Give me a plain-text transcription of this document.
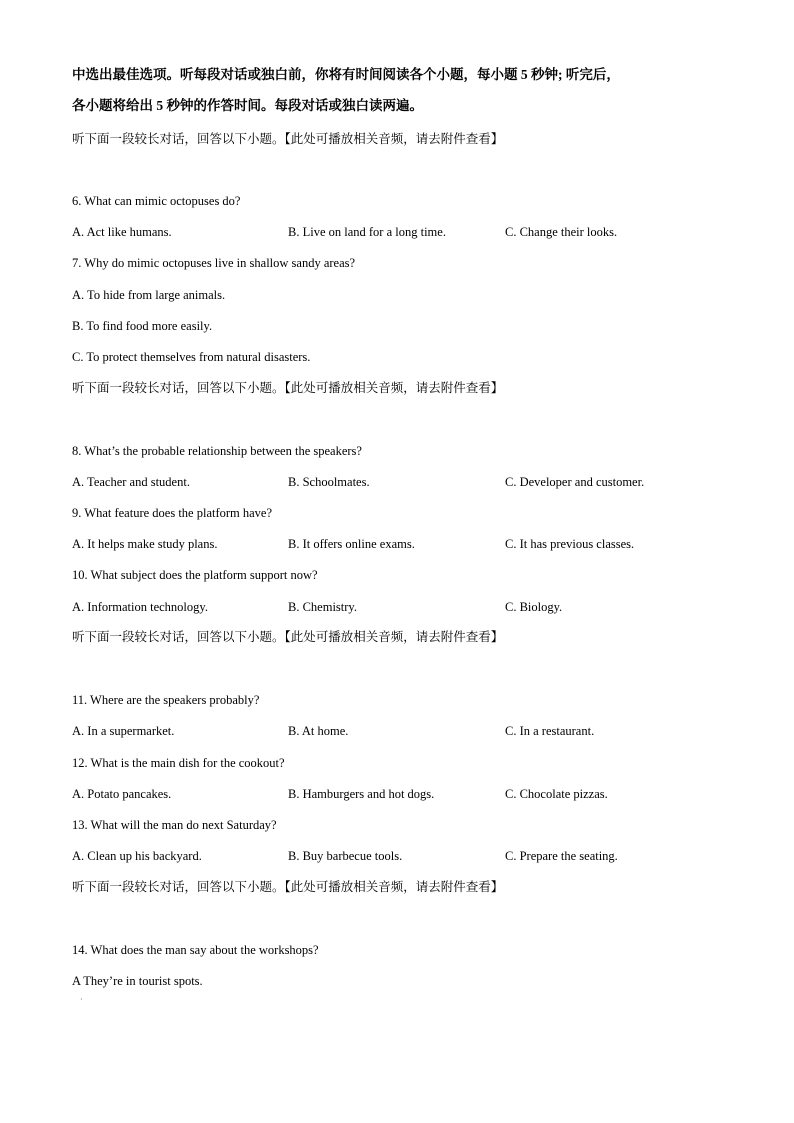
中选出最佳选项。听每段对话或独白前，你将有时间阅读各个小题，每小题 5 秒钟; 听完后，
各小题将给出 5 秒钟的作答时间。每段对话或独白读两遍。
听下面一段较长对话，回答以下小题。【此处可播放相关音频，请去附件查看】
6. What can mimic octopuses do?
A. Act like humans.	B. Live on land for a long time.	C. Change their looks.
7. Why do mimic octopuses live in shallow sandy areas?
A. To hide from large animals.
B. To find food more easily.
C. To protect themselves from natural disasters.
听下面一段较长对话，回答以下小题。【此处可播放相关音频，请去附件查看】
8. What’s the probable relationship between the speakers?
A. Teacher and student.	B. Schoolmates.	C. Developer and customer.
9. What feature does the platform have?
A. It helps make study plans.	B. It offers online exams.	C. It has previous classes.
10. What subject does the platform support now?
A. Information technology.	B. Chemistry.	C. Biology.
听下面一段较长对话，回答以下小题。【此处可播放相关音频，请去附件查看】
11. Where are the speakers probably?
A. In a supermarket.	B. At home.	C. In a restaurant.
12. What is the main dish for the cookout?
A. Potato pancakes.	B. Hamburgers and hot dogs.	C. Chocolate pizzas.
13. What will the man do next Saturday?
A. Clean up his backyard.	B. Buy barbecue tools.	C. Prepare the seating.
听下面一段较长对话，回答以下小题。【此处可播放相关音频，请去附件查看】
14. What does the man say about the workshops?
A They’re in tourist spots.
·
